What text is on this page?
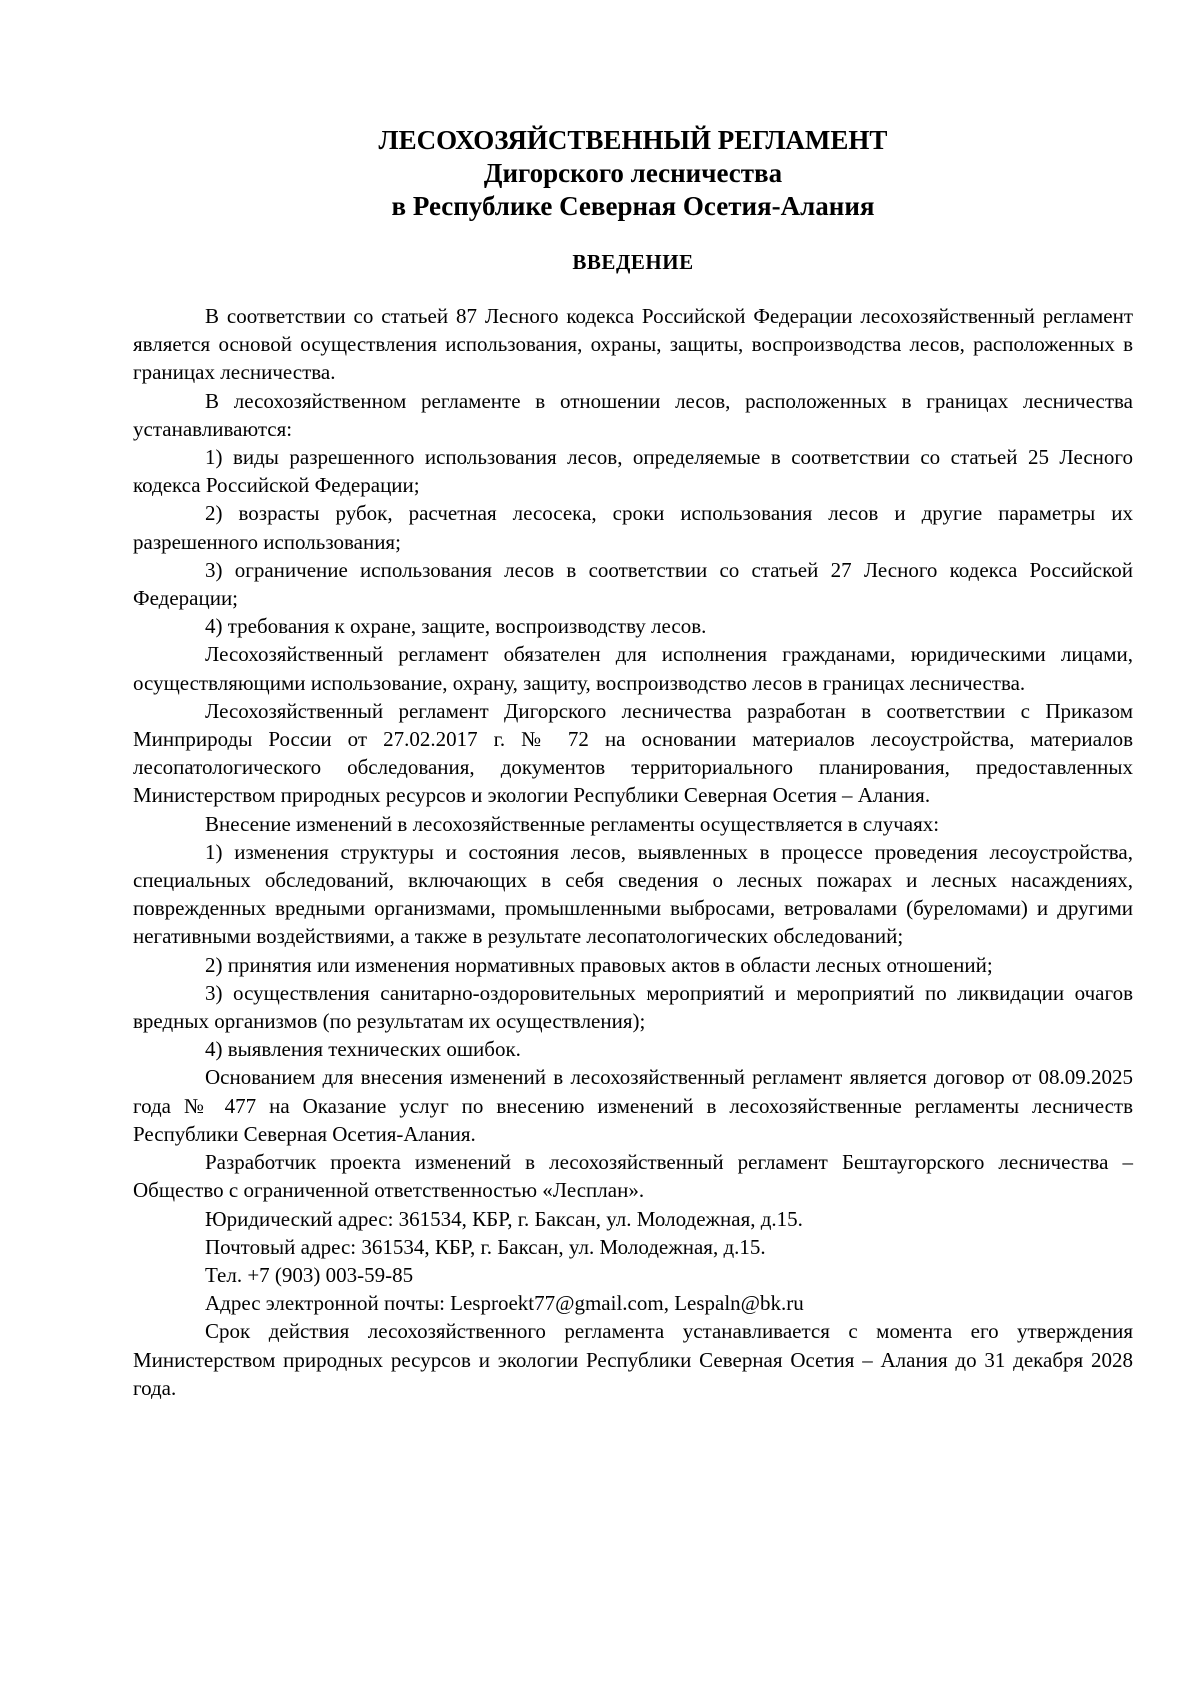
ЛЕСОХОЗЯЙСТВЕННЫЙ РЕГЛАМЕНТ
Дигорского лесничества
в Республике Северная Осетия-Алания
ВВЕДЕНИЕ

В соответствии со статьей 87 Лесного кодекса Российской Федерации лесохозяйственный регламент является основой осуществления использования, охраны, защиты, воспроизводства лесов, расположенных в границах лесничества.

В лесохозяйственном регламенте в отношении лесов, расположенных в границах лесничества устанавливаются:

1) виды разрешенного использования лесов, определяемые в соответствии со статьей 25 Лесного кодекса Российской Федерации;

2) возрасты рубок, расчетная лесосека, сроки использования лесов и другие параметры их разрешенного использования;

3) ограничение использования лесов в соответствии со статьей 27 Лесного кодекса Российской Федерации;

4) требования к охране, защите, воспроизводству лесов.

Лесохозяйственный регламент обязателен для исполнения гражданами, юридическими лицами, осуществляющими использование, охрану, защиту, воспроизводство лесов в границах лесничества.

Лесохозяйственный регламент Дигорского лесничества разработан в соответствии с Приказом Минприроды России от 27.02.2017 г. № 72 на основании материалов лесоустройства, материалов лесопатологического обследования, документов территориального планирования, предоставленных Министерством природных ресурсов и экологии Республики Северная Осетия – Алания.

Внесение изменений в лесохозяйственные регламенты осуществляется в случаях:

1) изменения структуры и состояния лесов, выявленных в процессе проведения лесоустройства, специальных обследований, включающих в себя сведения о лесных пожарах и лесных насаждениях, поврежденных вредными организмами, промышленными выбросами, ветровалами (буреломами) и другими негативными воздействиями, а также в результате лесопатологических обследований;

2) принятия или изменения нормативных правовых актов в области лесных отношений;

3) осуществления санитарно-оздоровительных мероприятий и мероприятий по ликвидации очагов вредных организмов (по результатам их осуществления);

4) выявления технических ошибок.

Основанием для внесения изменений в лесохозяйственный регламент является договор от 08.09.2025 года № 477 на Оказание услуг по внесению изменений в лесохозяйственные регламенты лесничеств Республики Северная Осетия-Алания.

Разработчик проекта изменений в лесохозяйственный регламент Бештаугорского лесничества – Общество с ограниченной ответственностью «Лесплан».

Юридический адрес: 361534, КБР, г. Баксан, ул. Молодежная, д.15.

Почтовый адрес: 361534, КБР, г. Баксан, ул. Молодежная, д.15.

Тел. +7 (903) 003-59-85

Адрес электронной почты: Lesproekt77@gmail.com, Lespaln@bk.ru

Срок действия лесохозяйственного регламента устанавливается с момента его утверждения Министерством природных ресурсов и экологии Республики Северная Осетия – Алания до 31 декабря 2028 года.
